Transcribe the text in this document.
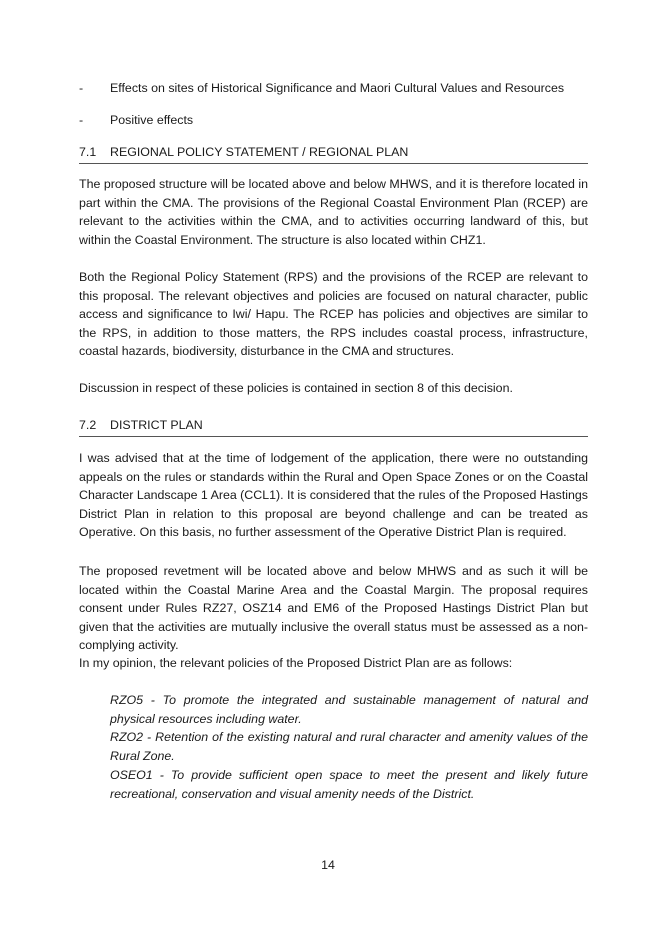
- Effects on sites of Historical Significance and Maori Cultural Values and Resources
- Positive effects
7.1 REGIONAL POLICY STATEMENT / REGIONAL PLAN

The proposed structure will be located above and below MHWS, and it is therefore located in part within the CMA. The provisions of the Regional Coastal Environment Plan (RCEP) are relevant to the activities within the CMA, and to activities occurring landward of this, but within the Coastal Environment. The structure is also located within CHZ1.

Both the Regional Policy Statement (RPS) and the provisions of the RCEP are relevant to this proposal. The relevant objectives and policies are focused on natural character, public access and significance to Iwi/ Hapu. The RCEP has policies and objectives are similar to the RPS, in addition to those matters, the RPS includes coastal process, infrastructure, coastal hazards, biodiversity, disturbance in the CMA and structures.

Discussion in respect of these policies is contained in section 8 of this decision.

7.2 DISTRICT PLAN

I was advised that at the time of lodgement of the application, there were no outstanding appeals on the rules or standards within the Rural and Open Space Zones or on the Coastal Character Landscape 1 Area (CCL1). It is considered that the rules of the Proposed Hastings District Plan in relation to this proposal are beyond challenge and can be treated as Operative. On this basis, no further assessment of the Operative District Plan is required.

The proposed revetment will be located above and below MHWS and as such it will be located within the Coastal Marine Area and the Coastal Margin. The proposal requires consent under Rules RZ27, OSZ14 and EM6 of the Proposed Hastings District Plan but given that the activities are mutually inclusive the overall status must be assessed as a non-complying activity.

In my opinion, the relevant policies of the Proposed District Plan are as follows:

RZO5 - To promote the integrated and sustainable management of natural and physical resources including water.

RZO2 - Retention of the existing natural and rural character and amenity values of the Rural Zone.

OSEO1 - To provide sufficient open space to meet the present and likely future recreational, conservation and visual amenity needs of the District.

14
